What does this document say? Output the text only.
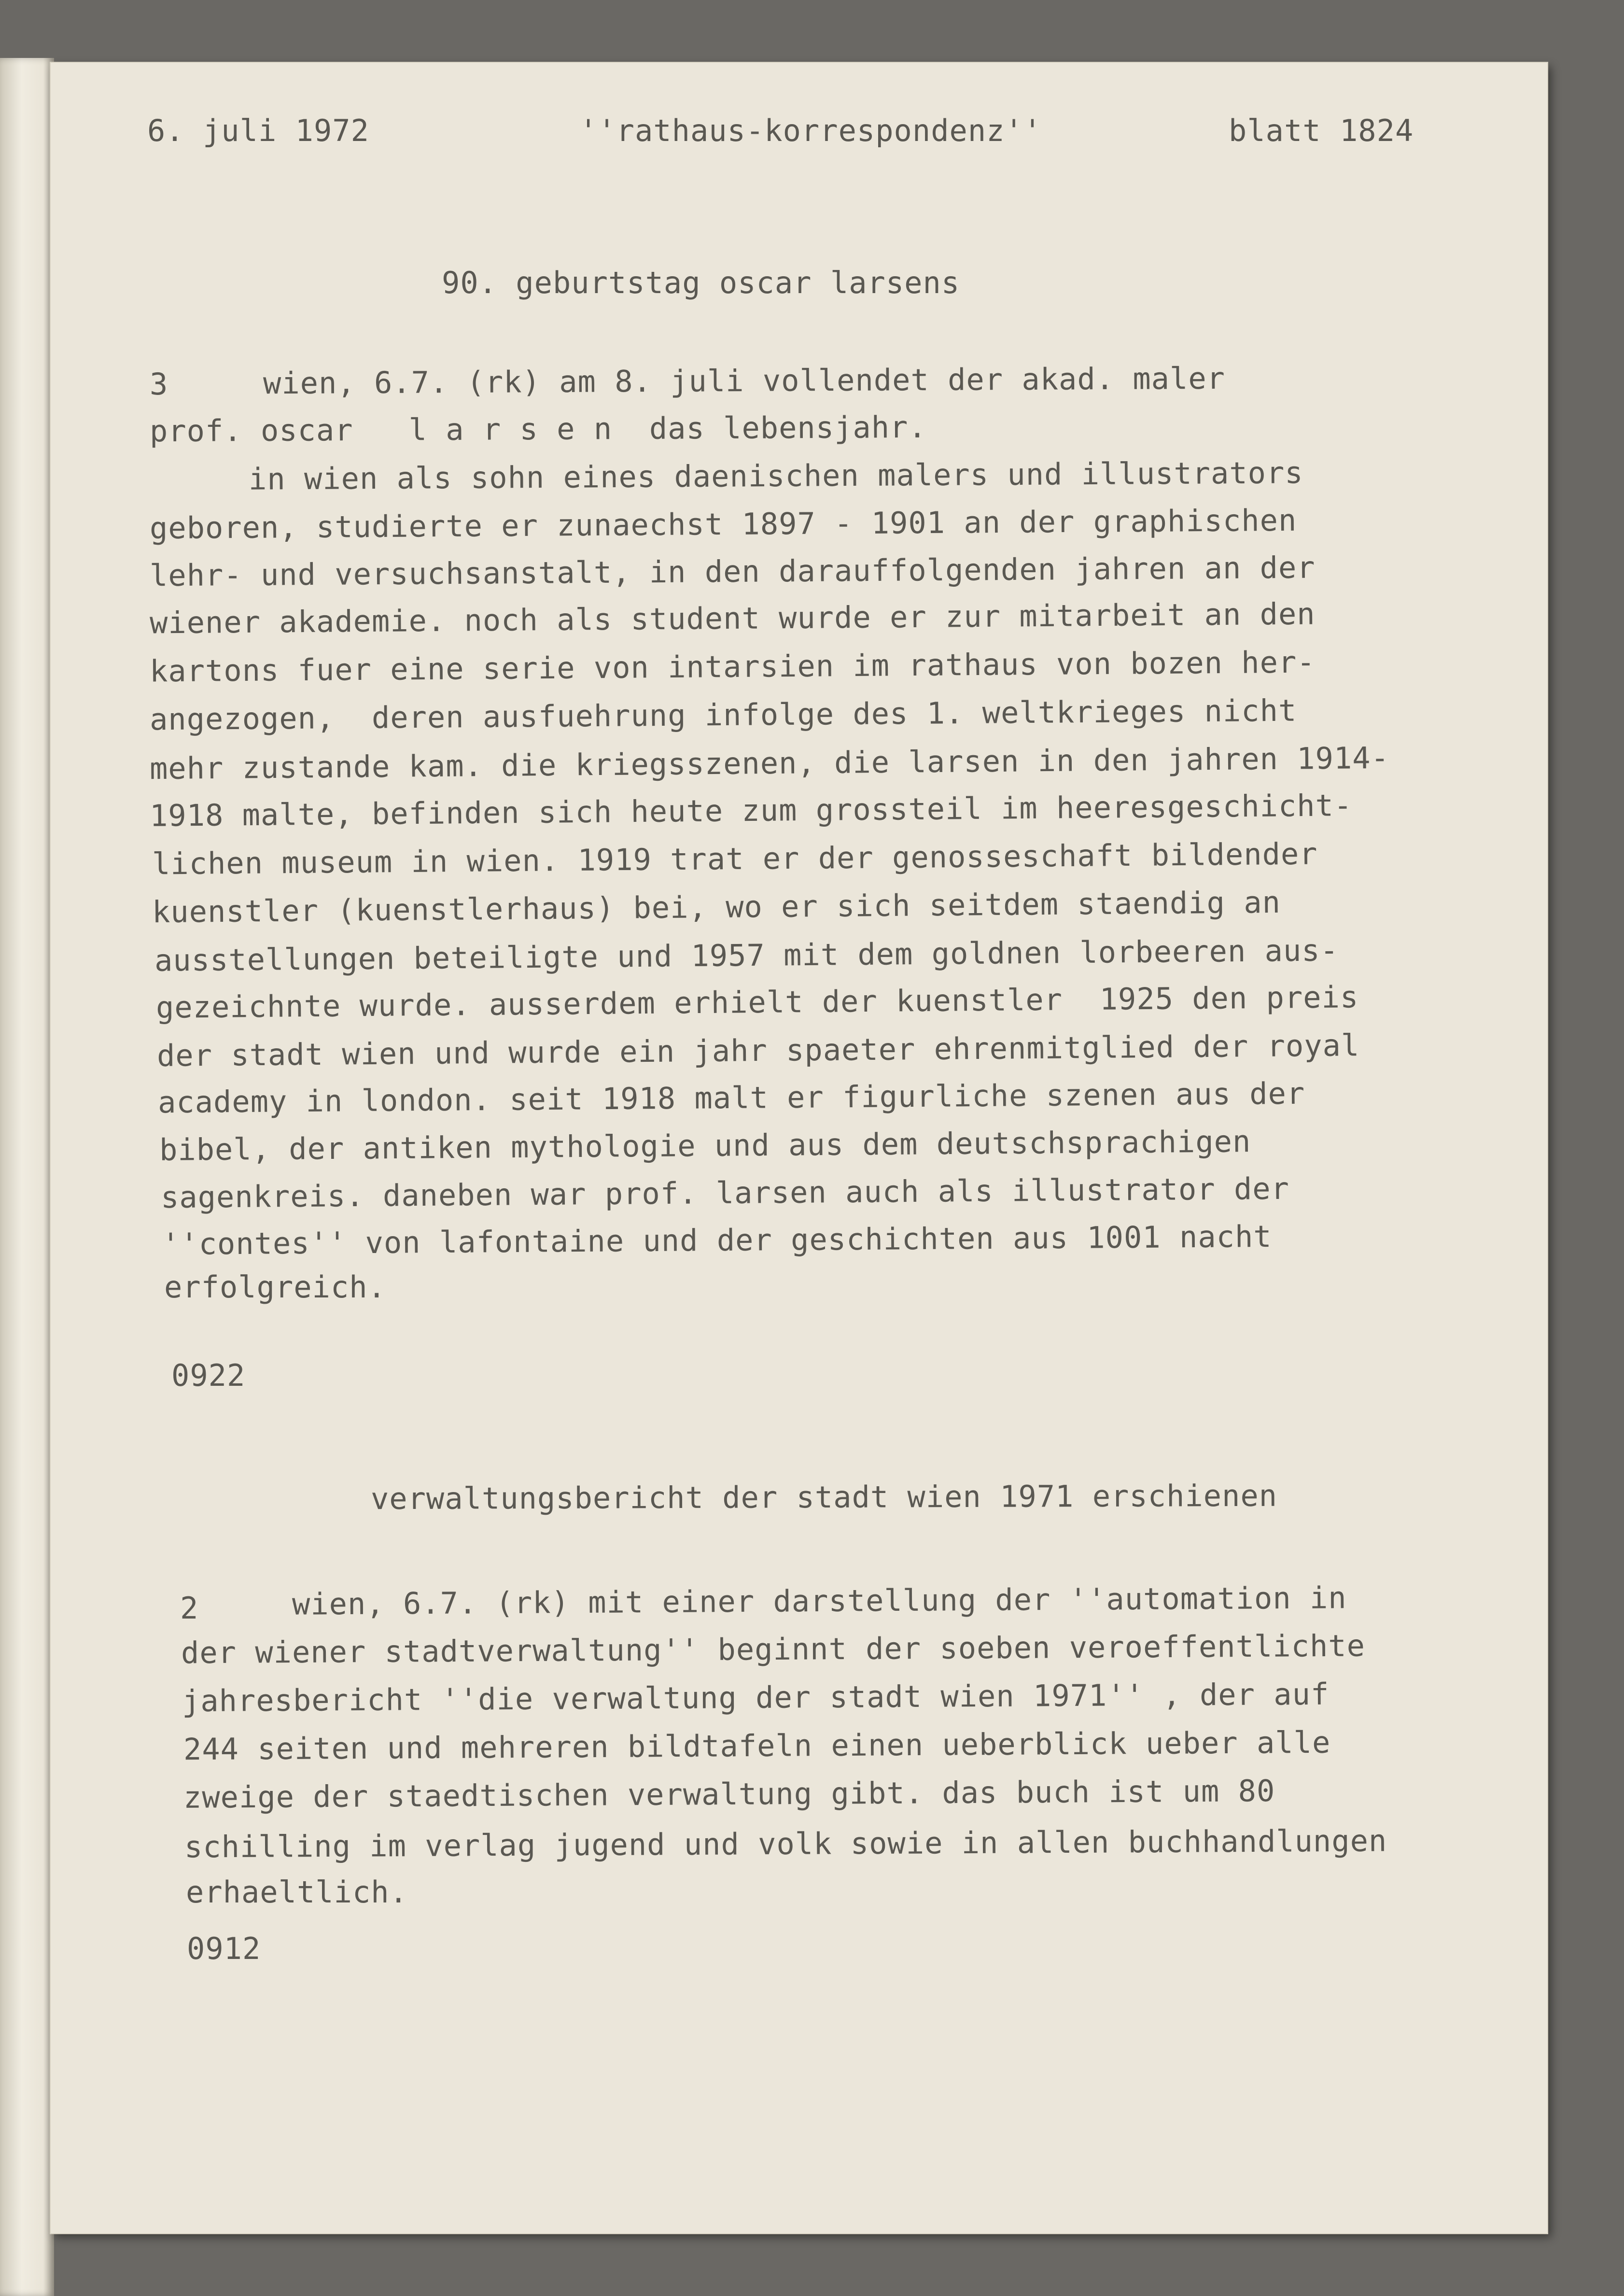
6. juli 1972	''rathaus-korrespondenz''	blatt 1824
90. geburtstag oscar larsens
3	wien, 6.7. (rk) am 8. juli vollendet der akad. maler
prof. oscar   l a r s e n  das lebensjahr.
in wien als sohn eines daenischen malers und illustrators
geboren, studierte er zunaechst 1897 - 1901 an der graphischen
lehr- und versuchsanstalt, in den darauffolgenden jahren an der
wiener akademie. noch als student wurde er zur mitarbeit an den
kartons fuer eine serie von intarsien im rathaus von bozen her-
angezogen,  deren ausfuehrung infolge des 1. weltkrieges nicht
mehr zustande kam. die kriegsszenen, die larsen in den jahren 1914-
1918 malte, befinden sich heute zum grossteil im heeresgeschicht-
lichen museum in wien. 1919 trat er der genosseschaft bildender
kuenstler (kuenstlerhaus) bei, wo er sich seitdem staendig an
ausstellungen beteiligte und 1957 mit dem goldnen lorbeeren aus-
gezeichnte wurde. ausserdem erhielt der kuenstler  1925 den preis
der stadt wien und wurde ein jahr spaeter ehrenmitglied der royal
academy in london. seit 1918 malt er figurliche szenen aus der
bibel, der antiken mythologie und aus dem deutschsprachigen
sagenkreis. daneben war prof. larsen auch als illustrator der
''contes'' von lafontaine und der geschichten aus 1001 nacht
erfolgreich.
0922
verwaltungsbericht der stadt wien 1971 erschienen
2	wien, 6.7. (rk) mit einer darstellung der ''automation in
der wiener stadtverwaltung'' beginnt der soeben veroeffentlichte
jahresbericht ''die verwaltung der stadt wien 1971'' , der auf
244 seiten und mehreren bildtafeln einen ueberblick ueber alle
zweige der staedtischen verwaltung gibt. das buch ist um 80
schilling im verlag jugend und volk sowie in allen buchhandlungen
erhaeltlich.
0912
